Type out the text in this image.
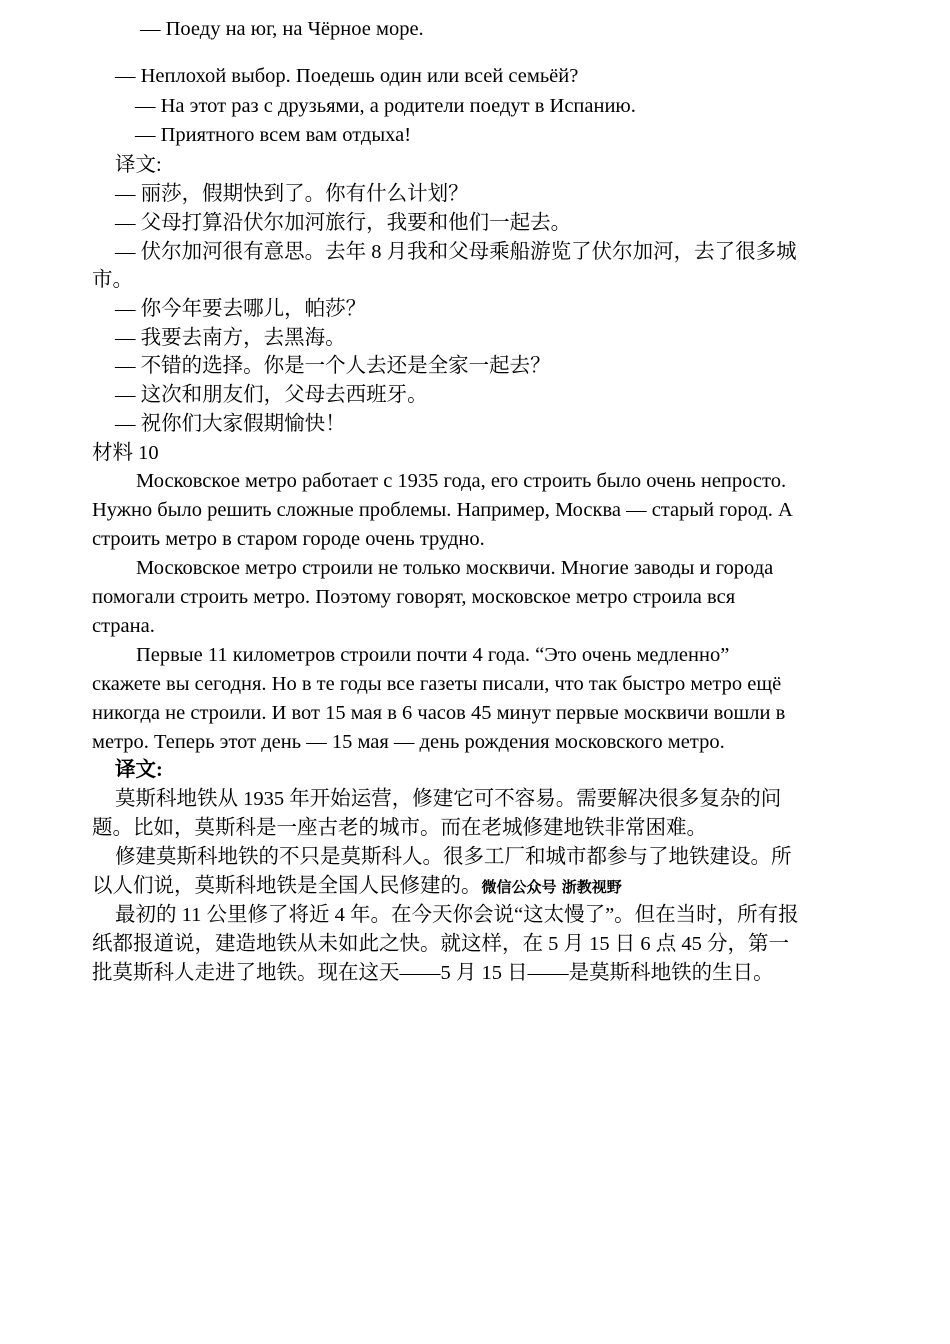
— Поеду на юг, на Чёрное море.
— Неплохой выбор. Поедешь один или всей семьёй?
— На этот раз с друзьями, а родители поедут в Испанию.
— Приятного всем вам отдыха!
译文:
— 丽莎，假期快到了。你有什么计划？
— 父母打算沿伏尔加河旅行，我要和他们一起去。
— 伏尔加河很有意思。去年 8 月我和父母乘船游览了伏尔加河，去了很多城
市。
— 你今年要去哪儿，帕莎？
— 我要去南方，去黑海。
— 不错的选择。你是一个人去还是全家一起去？
— 这次和朋友们，父母去西班牙。
— 祝你们大家假期愉快！
材料 10
Московское метро работает с 1935 года, его строить было очень непросто.
Нужно было решить сложные проблемы. Например, Москва — старый город. А
строить метро в старом городе очень трудно.
Московское метро строили не только москвичи. Многие заводы и города
помогали строить метро. Поэтому говорят, московское метро строила вся
страна.
Первые 11 километров строили почти 4 года. “Это очень медленно”
скажете вы сегодня. Но в те годы все газеты писали, что так быстро метро ещё
никогда не строили. И вот 15 мая в 6 часов 45 минут первые москвичи вошли в
метро. Теперь этот день — 15 мая — день рождения московского метро.
译文:
莫斯科地铁从 1935 年开始运营，修建它可不容易。需要解决很多复杂的问
题。比如，莫斯科是一座古老的城市。而在老城修建地铁非常困难。
修建莫斯科地铁的不只是莫斯科人。很多工厂和城市都参与了地铁建设。所
以人们说，莫斯科地铁是全国人民修建的。微信公众号 浙教视野
最初的 11 公里修了将近 4 年。在今天你会说“这太慢了”。但在当时，所有报
纸都报道说，建造地铁从未如此之快。就这样，在 5 月 15 日 6 点 45 分，第一
批莫斯科人走进了地铁。现在这天——5 月 15 日——是莫斯科地铁的生日。
